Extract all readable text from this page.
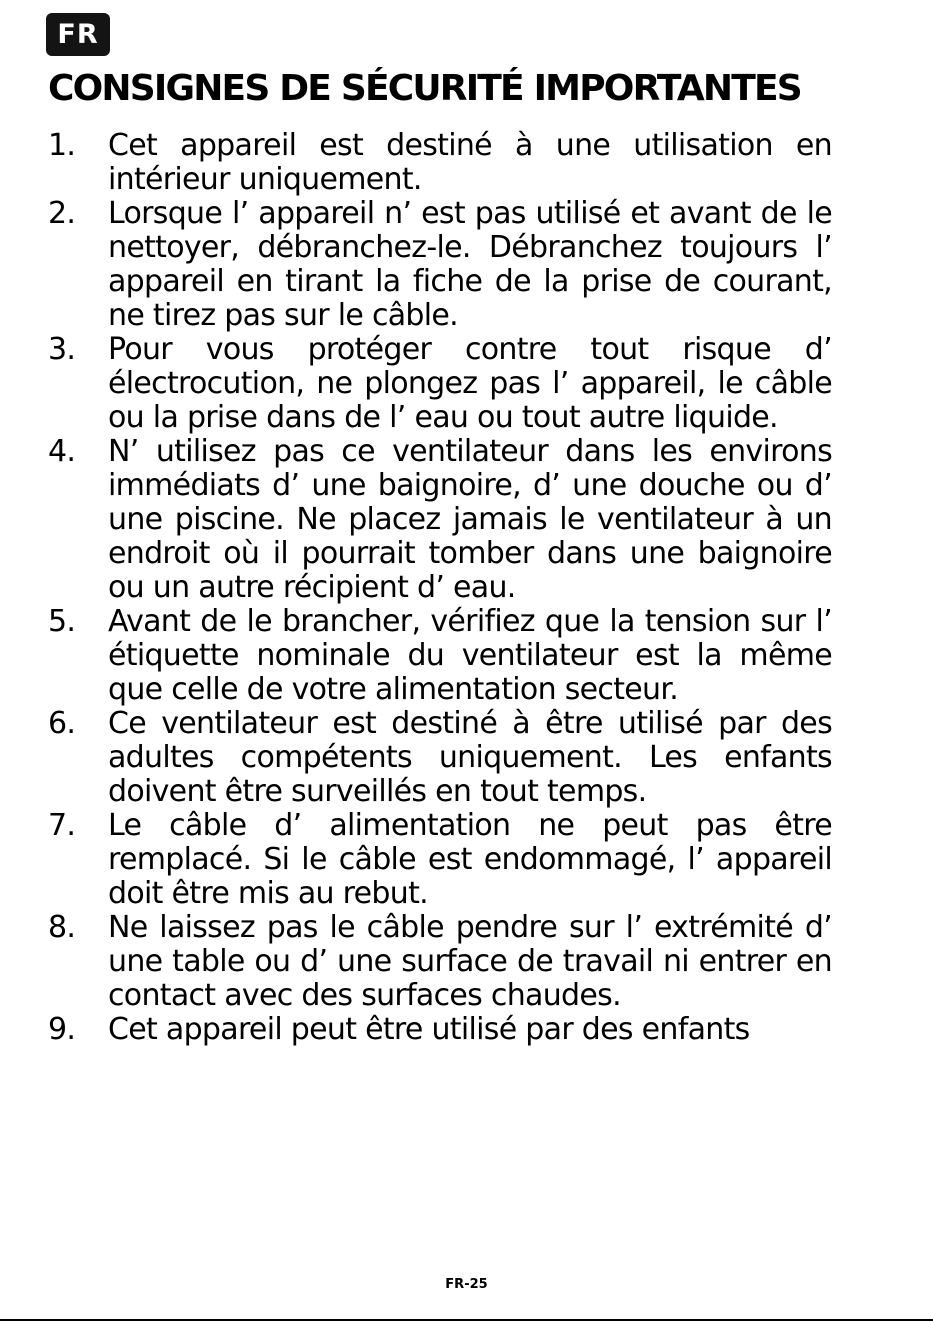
FR
CONSIGNES DE SÉCURITÉ IMPORTANTES
1.	Cet appareil est destiné à une utilisation en intérieur uniquement.
2.	Lorsque l’ appareil n’ est pas utilisé et avant de le nettoyer, débranchez-le. Débranchez toujours l’ appareil en tirant la fiche de la prise de courant, ne tirez pas sur le câble.
3.	Pour vous protéger contre tout risque d’ électrocution, ne plongez pas l’ appareil, le câble ou la prise dans de l’ eau ou tout autre liquide.
4.	N’ utilisez pas ce ventilateur dans les environs immédiats d’ une baignoire, d’ une douche ou d’ une piscine. Ne placez jamais le ventilateur à un endroit où il pourrait tomber dans une baignoire ou un autre récipient d’ eau.
5.	Avant de le brancher, vérifiez que la tension sur l’ étiquette nominale du ventilateur est la même que celle de votre alimentation secteur.
6.	Ce ventilateur est destiné à être utilisé par des adultes compétents uniquement. Les enfants doivent être surveillés en tout temps.
7.	Le câble d’ alimentation ne peut pas être remplacé. Si le câble est endommagé, l’ appareil doit être mis au rebut.
8.	Ne laissez pas le câble pendre sur l’ extrémité d’ une table ou d’ une surface de travail ni entrer en contact avec des surfaces chaudes.
9.	Cet appareil peut être utilisé par des enfants
FR-25
